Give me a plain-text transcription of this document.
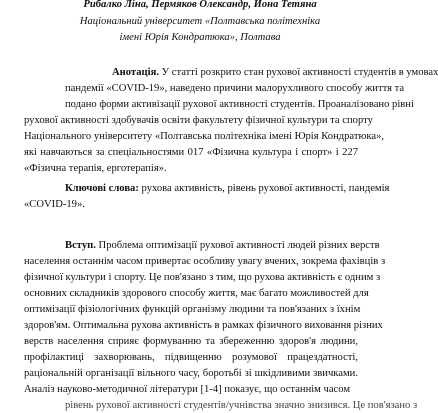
Рибалко Ліна, Пермяков Олександр, Йона Тетяна
Національний університет «Полтавська політехніка
імені Юрія Кондратюка», Полтава
Анотація. У статті розкрито стан рухової активності студентів в умовах
пандемії «COVID-19», наведено причини малорухливого способу життя та
подано форми активізації рухової активності студентів. Проаналізовано рівні
рухової активності здобувачів освіти факультету фізичної культури та спорту
Національного університету «Полтавська політехніка імені Юрія Кондратюка»,
які навчаються за спеціальностями 017 «Фізична культура і спорт» і 227
«Фізична терапія, ерготерапія».
Ключові слова: рухова активність, рівень рухової активності, пандемія
«COVID-19».
Вступ. Проблема оптимізації рухової активності людей різних верств
населення останнім часом привертає особливу увагу вчених, зокрема фахівців з
фізичної культури і спорту. Це пов'язано з тим, що рухова активність є одним з
основних складників здорового способу життя, має багато можливостей для
оптимізації фізіологічних функцій організму людини та пов'язаних з їхнім
здоров'ям. Оптимальна рухова активність в рамках фізичного виховання різних
верств населення сприяє формуванню та збереженню здоров'я людини,
профілактиці захворювань, підвищенню розумової працездатності,
раціональній організації вільного часу, боротьбі зі шкідливими звичками.
Аналіз науково-методичної літератури [1-4] показує, що останнім часом
рівень рухової активності студентів/учнівства значно знизився. Це пов'язано з
